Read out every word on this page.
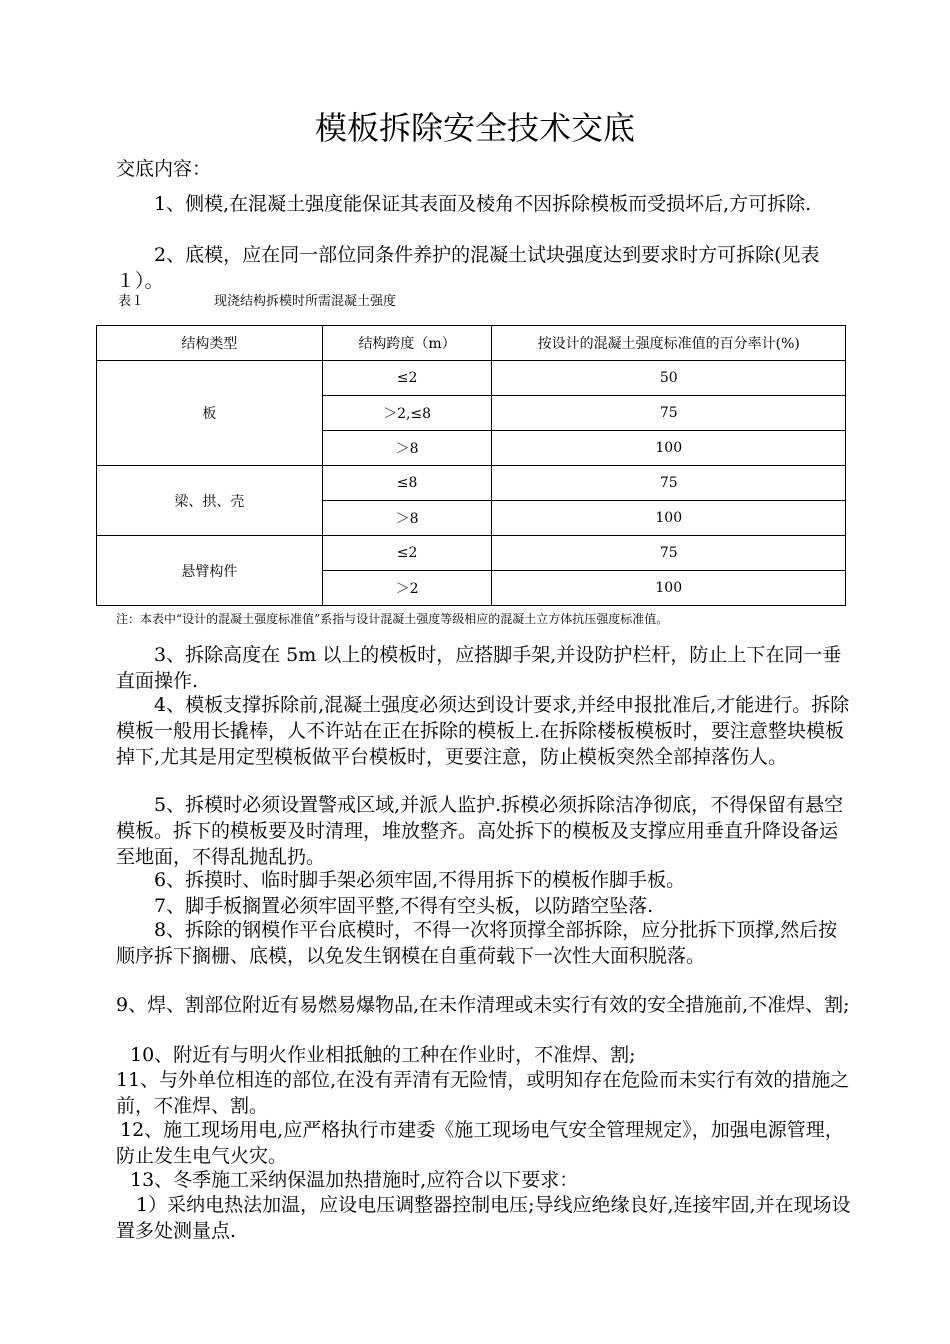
模板拆除安全技术交底

交底内容：

1、侧模,在混凝土强度能保证其表面及棱角不因拆除模板而受损坏后,方可拆除.

2、底模，应在同一部位同条件养护的混凝土试块强度达到要求时方可拆除(见表１）。

表１	现浇结构拆模时所需混凝土强度
结构类型	结构跨度（m）	按设计的混凝土强度标准值的百分率计(%)
板	≤2	50
	＞2,≤8	75
	＞8	100
梁、拱、壳	≤8	75
	＞8	100
悬臂构件	≤2	75
	＞2	100
注：本表中“设计的混凝土强度标准值”系指与设计混凝土强度等级相应的混凝土立方体抗压强度标准值。

3、拆除高度在 5m 以上的模板时，应搭脚手架,并设防护栏杆，防止上下在同一垂直面操作.

4、模板支撑拆除前,混凝土强度必须达到设计要求,并经申报批准后,才能进行。拆除模板一般用长撬棒，人不许站在正在拆除的模板上.在拆除楼板模板时，要注意整块模板掉下,尤其是用定型模板做平台模板时，更要注意，防止模板突然全部掉落伤人。

5、拆模时必须设置警戒区域,并派人监护.拆模必须拆除洁净彻底，不得保留有悬空模板。拆下的模板要及时清理，堆放整齐。高处拆下的模板及支撑应用垂直升降设备运至地面，不得乱抛乱扔。

6、拆摸时、临时脚手架必须牢固,不得用拆下的模板作脚手板。

7、脚手板搁置必须牢固平整,不得有空头板，以防踏空坠落.

8、拆除的钢模作平台底模时，不得一次将顶撑全部拆除，应分批拆下顶撑,然后按顺序拆下搁栅、底模，以免发生钢模在自重荷载下一次性大面积脱落。

9、焊、割部位附近有易燃易爆物品,在未作清理或未实行有效的安全措施前,不准焊、割;

10、附近有与明火作业相抵触的工种在作业时，不准焊、割;

11、与外单位相连的部位,在没有弄清有无险情，或明知存在危险而未实行有效的措施之前，不准焊、割。

12、施工现场用电,应严格执行市建委《施工现场电气安全管理规定》，加强电源管理，防止发生电气火灾。

13、冬季施工采纳保温加热措施时,应符合以下要求：

1）采纳电热法加温，应设电压调整器控制电压;导线应绝缘良好,连接牢固,并在现场设置多处测量点.
